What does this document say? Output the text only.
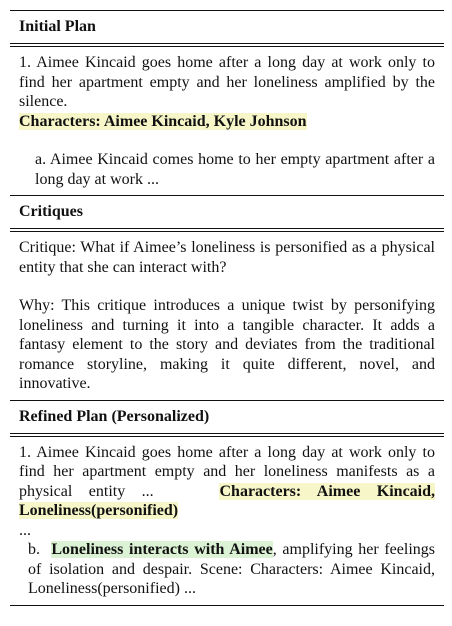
Initial Plan

1. Aimee Kincaid goes home after a long day at work only to find her apartment empty and her loneliness amplified by the silence.

Characters: Aimee Kincaid, Kyle Johnson

a. Aimee Kincaid comes home to her empty apartment after a long day at work ...

Critiques

Critique: What if Aimee’s loneliness is personified as a physical entity that she can interact with?

Why: This critique introduces a unique twist by personifying loneliness and turning it into a tangible character. It adds a fantasy element to the story and deviates from the traditional romance storyline, making it quite different, novel, and innovative.

Refined Plan (Personalized)

1. Aimee Kincaid goes home after a long day at work only to find her apartment empty and her loneliness manifests as a physical entity ...	Characters: Aimee Kincaid, Loneliness(personified)

...

b. Loneliness interacts with Aimee, amplifying her feelings of isolation and despair. Scene: Characters: Aimee Kincaid, Loneliness(personified) ...
